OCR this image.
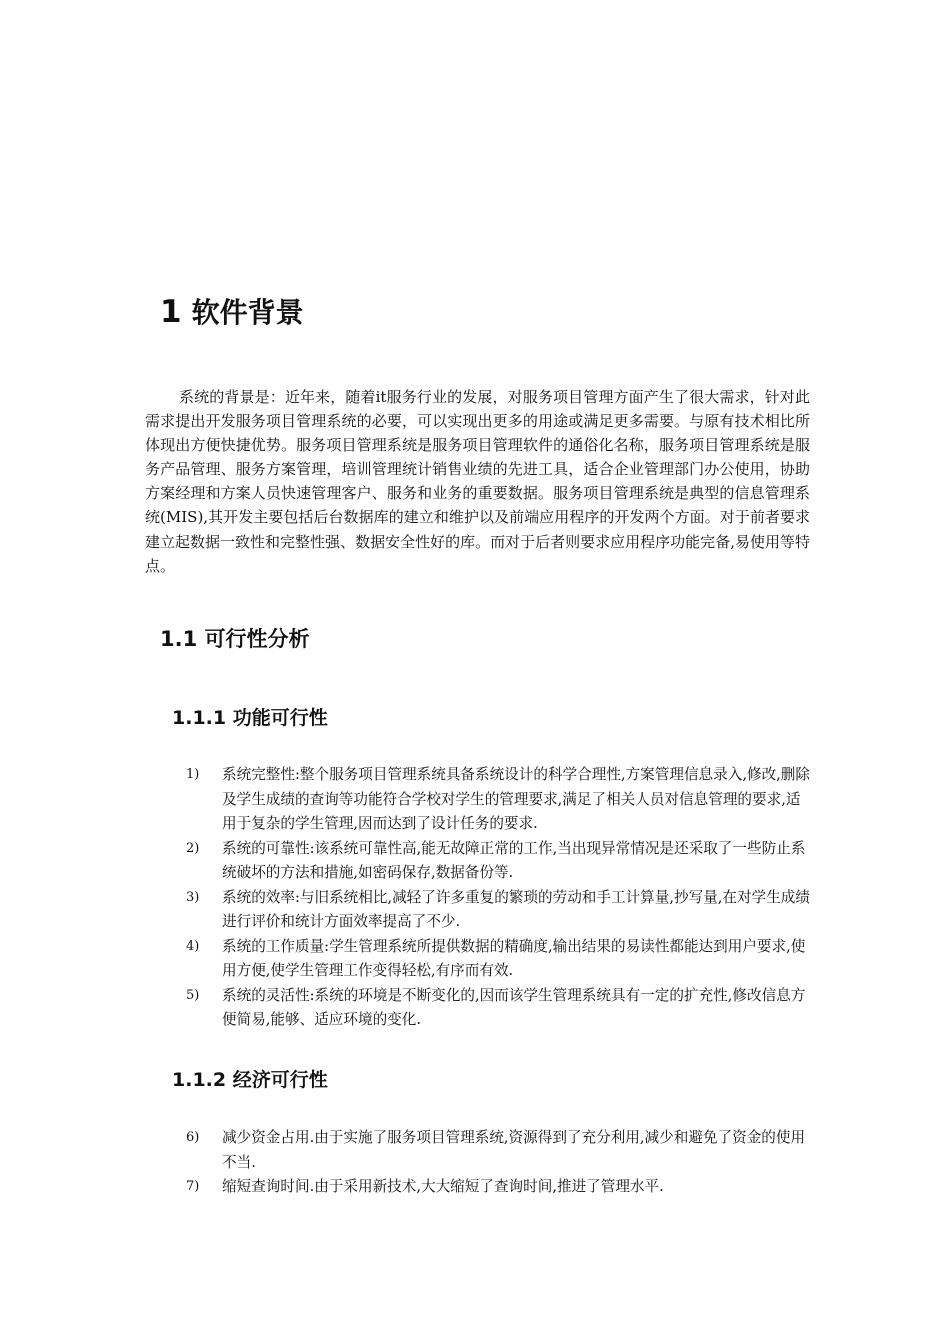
1 软件背景

系统的背景是：近年来，随着it服务行业的发展，对服务项目管理方面产生了很大需求，针对此需求提出开发服务项目管理系统的必要，可以实现出更多的用途或满足更多需要。与原有技术相比所体现出方便快捷优势。服务项目管理系统是服务项目管理软件的通俗化名称，服务项目管理系统是服务产品管理、服务方案管理，培训管理统计销售业绩的先进工具，适合企业管理部门办公使用，协助方案经理和方案人员快速管理客户、服务和业务的重要数据。服务项目管理系统是典型的信息管理系统(MIS),其开发主要包括后台数据库的建立和维护以及前端应用程序的开发两个方面。对于前者要求建立起数据一致性和完整性强、数据安全性好的库。而对于后者则要求应用程序功能完备,易使用等特点。

1.1 可行性分析
1.1.1 功能可行性
1) 系统完整性:整个服务项目管理系统具备系统设计的科学合理性,方案管理信息录入,修改,删除及学生成绩的查询等功能符合学校对学生的管理要求,满足了相关人员对信息管理的要求,适用于复杂的学生管理,因而达到了设计任务的要求.
2) 系统的可靠性:该系统可靠性高,能无故障正常的工作,当出现异常情况是还采取了一些防止系统破坏的方法和措施,如密码保存,数据备份等.
3) 系统的效率:与旧系统相比,减轻了许多重复的繁琐的劳动和手工计算量,抄写量,在对学生成绩进行评价和统计方面效率提高了不少.
4) 系统的工作质量:学生管理系统所提供数据的精确度,输出结果的易读性都能达到用户要求,使用方便,使学生管理工作变得轻松,有序而有效.
5) 系统的灵活性:系统的环境是不断变化的,因而该学生管理系统具有一定的扩充性,修改信息方便简易,能够、适应环境的变化.
1.1.2 经济可行性
6) 减少资金占用.由于实施了服务项目管理系统,资源得到了充分利用,减少和避免了资金的使用不当.
7) 缩短查询时间.由于采用新技术,大大缩短了查询时间,推进了管理水平.
